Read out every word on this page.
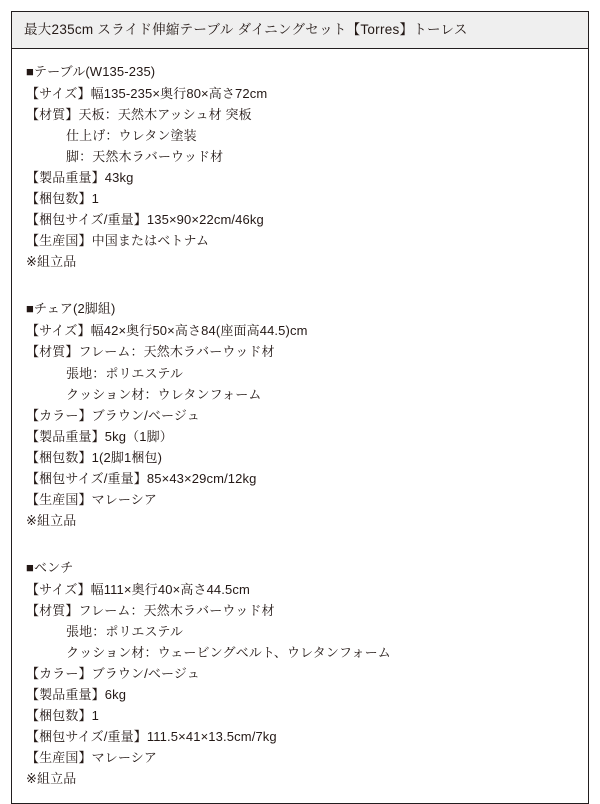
最大235cm スライド伸縮テーブル ダイニングセット【Torres】トーレス
■テーブル(W135-235)
【サイズ】幅135-235×奥行80×高さ72cm
【材質】天板：天然木アッシュ材 突板
仕上げ：ウレタン塗装
脚：天然木ラバーウッド材
【製品重量】43kg
【梱包数】1
【梱包サイズ/重量】135×90×22cm/46kg
【生産国】中国またはベトナム
※組立品
■チェア(2脚組)
【サイズ】幅42×奥行50×高さ84(座面高44.5)cm
【材質】フレーム：天然木ラバーウッド材
張地：ポリエステル
クッション材：ウレタンフォーム
【カラー】ブラウン/ベージュ
【製品重量】5kg（1脚）
【梱包数】1(2脚1梱包)
【梱包サイズ/重量】85×43×29cm/12kg
【生産国】マレーシア
※組立品
■ベンチ
【サイズ】幅111×奥行40×高さ44.5cm
【材質】フレーム：天然木ラバーウッド材
張地：ポリエステル
クッション材：ウェービングベルト、ウレタンフォーム
【カラー】ブラウン/ベージュ
【製品重量】6kg
【梱包数】1
【梱包サイズ/重量】111.5×41×13.5cm/7kg
【生産国】マレーシア
※組立品
